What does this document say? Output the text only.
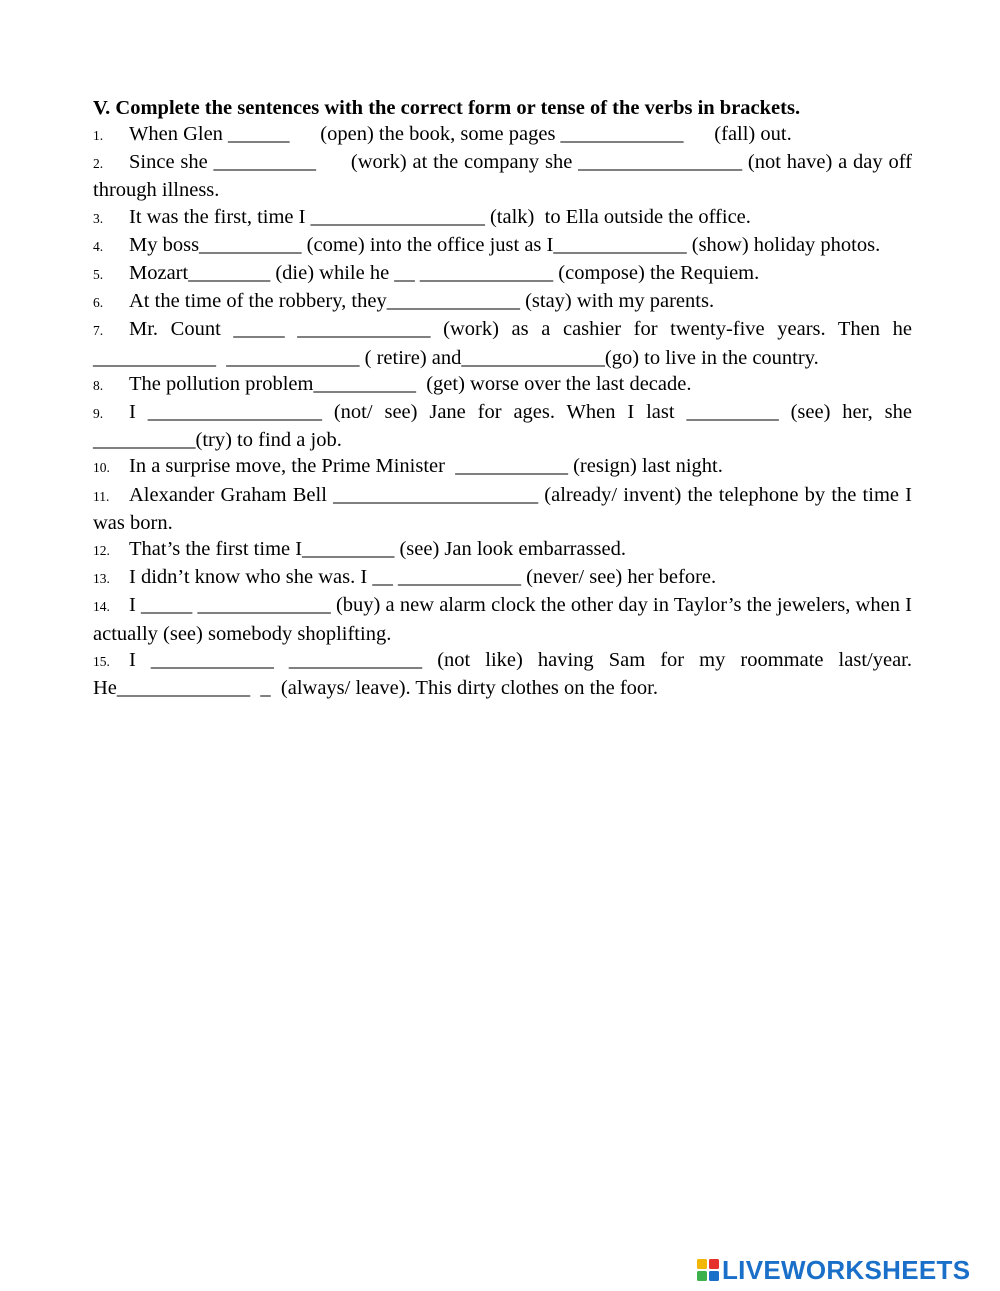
V. Complete the sentences with the correct form or tense of the verbs in brackets.

1. When Glen ______      (open) the book, some pages ____________      (fall) out.
2. Since she __________      (work) at the company she ________________ (not have) a day off through illness.
3. It was the first, time I _________________ (talk)  to Ella outside the office.
4. My boss__________ (come) into the office just as I_____________ (show) holiday photos.
5. Mozart________ (die) while he __ _____________ (compose) the Requiem.
6. At the time of the robbery, they_____________ (stay) with my parents.
7. Mr. Count _____ _____________ (work) as a cashier for twenty-five years. Then he ____________  _____________ ( retire) and______________(go) to live in the country.
8. The pollution problem__________  (get) worse over the last decade.
9. I _________________ (not/ see) Jane for ages. When I last _________ (see) her, she __________(try) to find a job.
10. In a surprise move, the Prime Minister  ___________ (resign) last night.
11. Alexander Graham Bell ____________________ (already/ invent) the telephone by the time I was born.
12. That’s the first time I_________ (see) Jan look embarrassed.
13. I didn’t know who she was. I __ ____________ (never/ see) her before.
14. I _____ _____________ (buy) a new alarm clock the other day in Taylor’s the jewelers, when I actually (see) somebody shoplifting.
15. I ____________ _____________ (not like) having Sam for my roommate last/year. He_____________  _  (always/ leave). This dirty clothes on the foor.
LIVEWORKSHEETS
